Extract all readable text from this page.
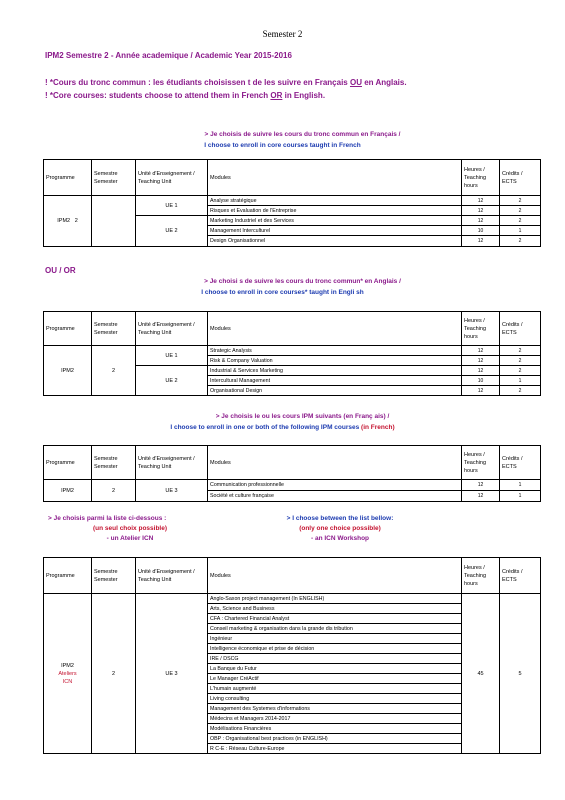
Semester 2
IPM2 Semestre 2 - Année academique / Academic Year 2015-2016
! *Cours du tronc commun : les étudiants choisissen t de les suivre en Français OU en Anglais.
! *Core courses: students choose to attend them in French OR in English.
> Je choisis de suivre les cours du tronc commun en Français /
I choose to enroll in core courses taught in French
Programme	Semestre Semester	Unité d'Enseignement / Teaching Unit	Modules	Heures / Teaching hours	Crédits / ECTS
IPM2 2		UE 1	Analyse stratégique	12	2
			Risques et Evaluation de l'Entreprise	12	2
		UE 2	Marketing Industriel et des Services	12	2
			Management Interculturel	10	1
			Design Organisationnel	12	2
OU / OR
> Je choisi s de suivre les cours du tronc commun* en Anglais /
I choose to enroll in core courses* taught in Engli sh
Programme	Semestre Semester	Unité d'Enseignement / Teaching Unit	Modules	Heures / Teaching hours	Crédits / ECTS
IPM2	2	UE 1	Strategic Analysis	12	2
			Risk & Company Valuation	12	2
		UE 2	Industrial & Services Marketing	12	2
			Intercultural Management	10	1
			Organisational Design	12	2
> Je choisis le ou les cours IPM suivants (en Franç ais) /
I choose to enroll in one or both of the following IPM courses (in French)
Programme	Semestre Semester	Unité d'Enseignement / Teaching Unit	Modules	Heures / Teaching hours	Crédits / ECTS
IPM2	2	UE 3	Communication professionnelle	12	1
			Société et culture française	12	1
> Je choisis parmi la liste ci-dessous :
(un seul choix possible)
- un Atelier ICN
> I choose between the list bellow:
(only one choice possible)
- an ICN Workshop
Programme	Semestre Semester	Unité d'Enseignement / Teaching Unit	Modules	Heures / Teaching hours	Crédits / ECTS

IPM2
Ateliers
ICN	2	UE 3	Anglo-Saxon project management (In ENGLISH)	45	5
			Arts, Science and Business		
			CFA : Chartered Financial Analyst		
			Conseil marketing & organisation dans la grande dis tribution		
			Ingénieur		
			Intelligence économique et prise de décision		
			IRE / DSCG		
			La Banque du Futur		
			Le Manager CréActif		
			L'humain augmenté		
			Living consulting		
			Management des Systemes d'informations		
			Médecins et Managers 2014-2017		
			Modélisations Financières		
			OBP : Organisational best practices (in ENGLISH)		
			R C-E : Réseau Culture-Europe		
